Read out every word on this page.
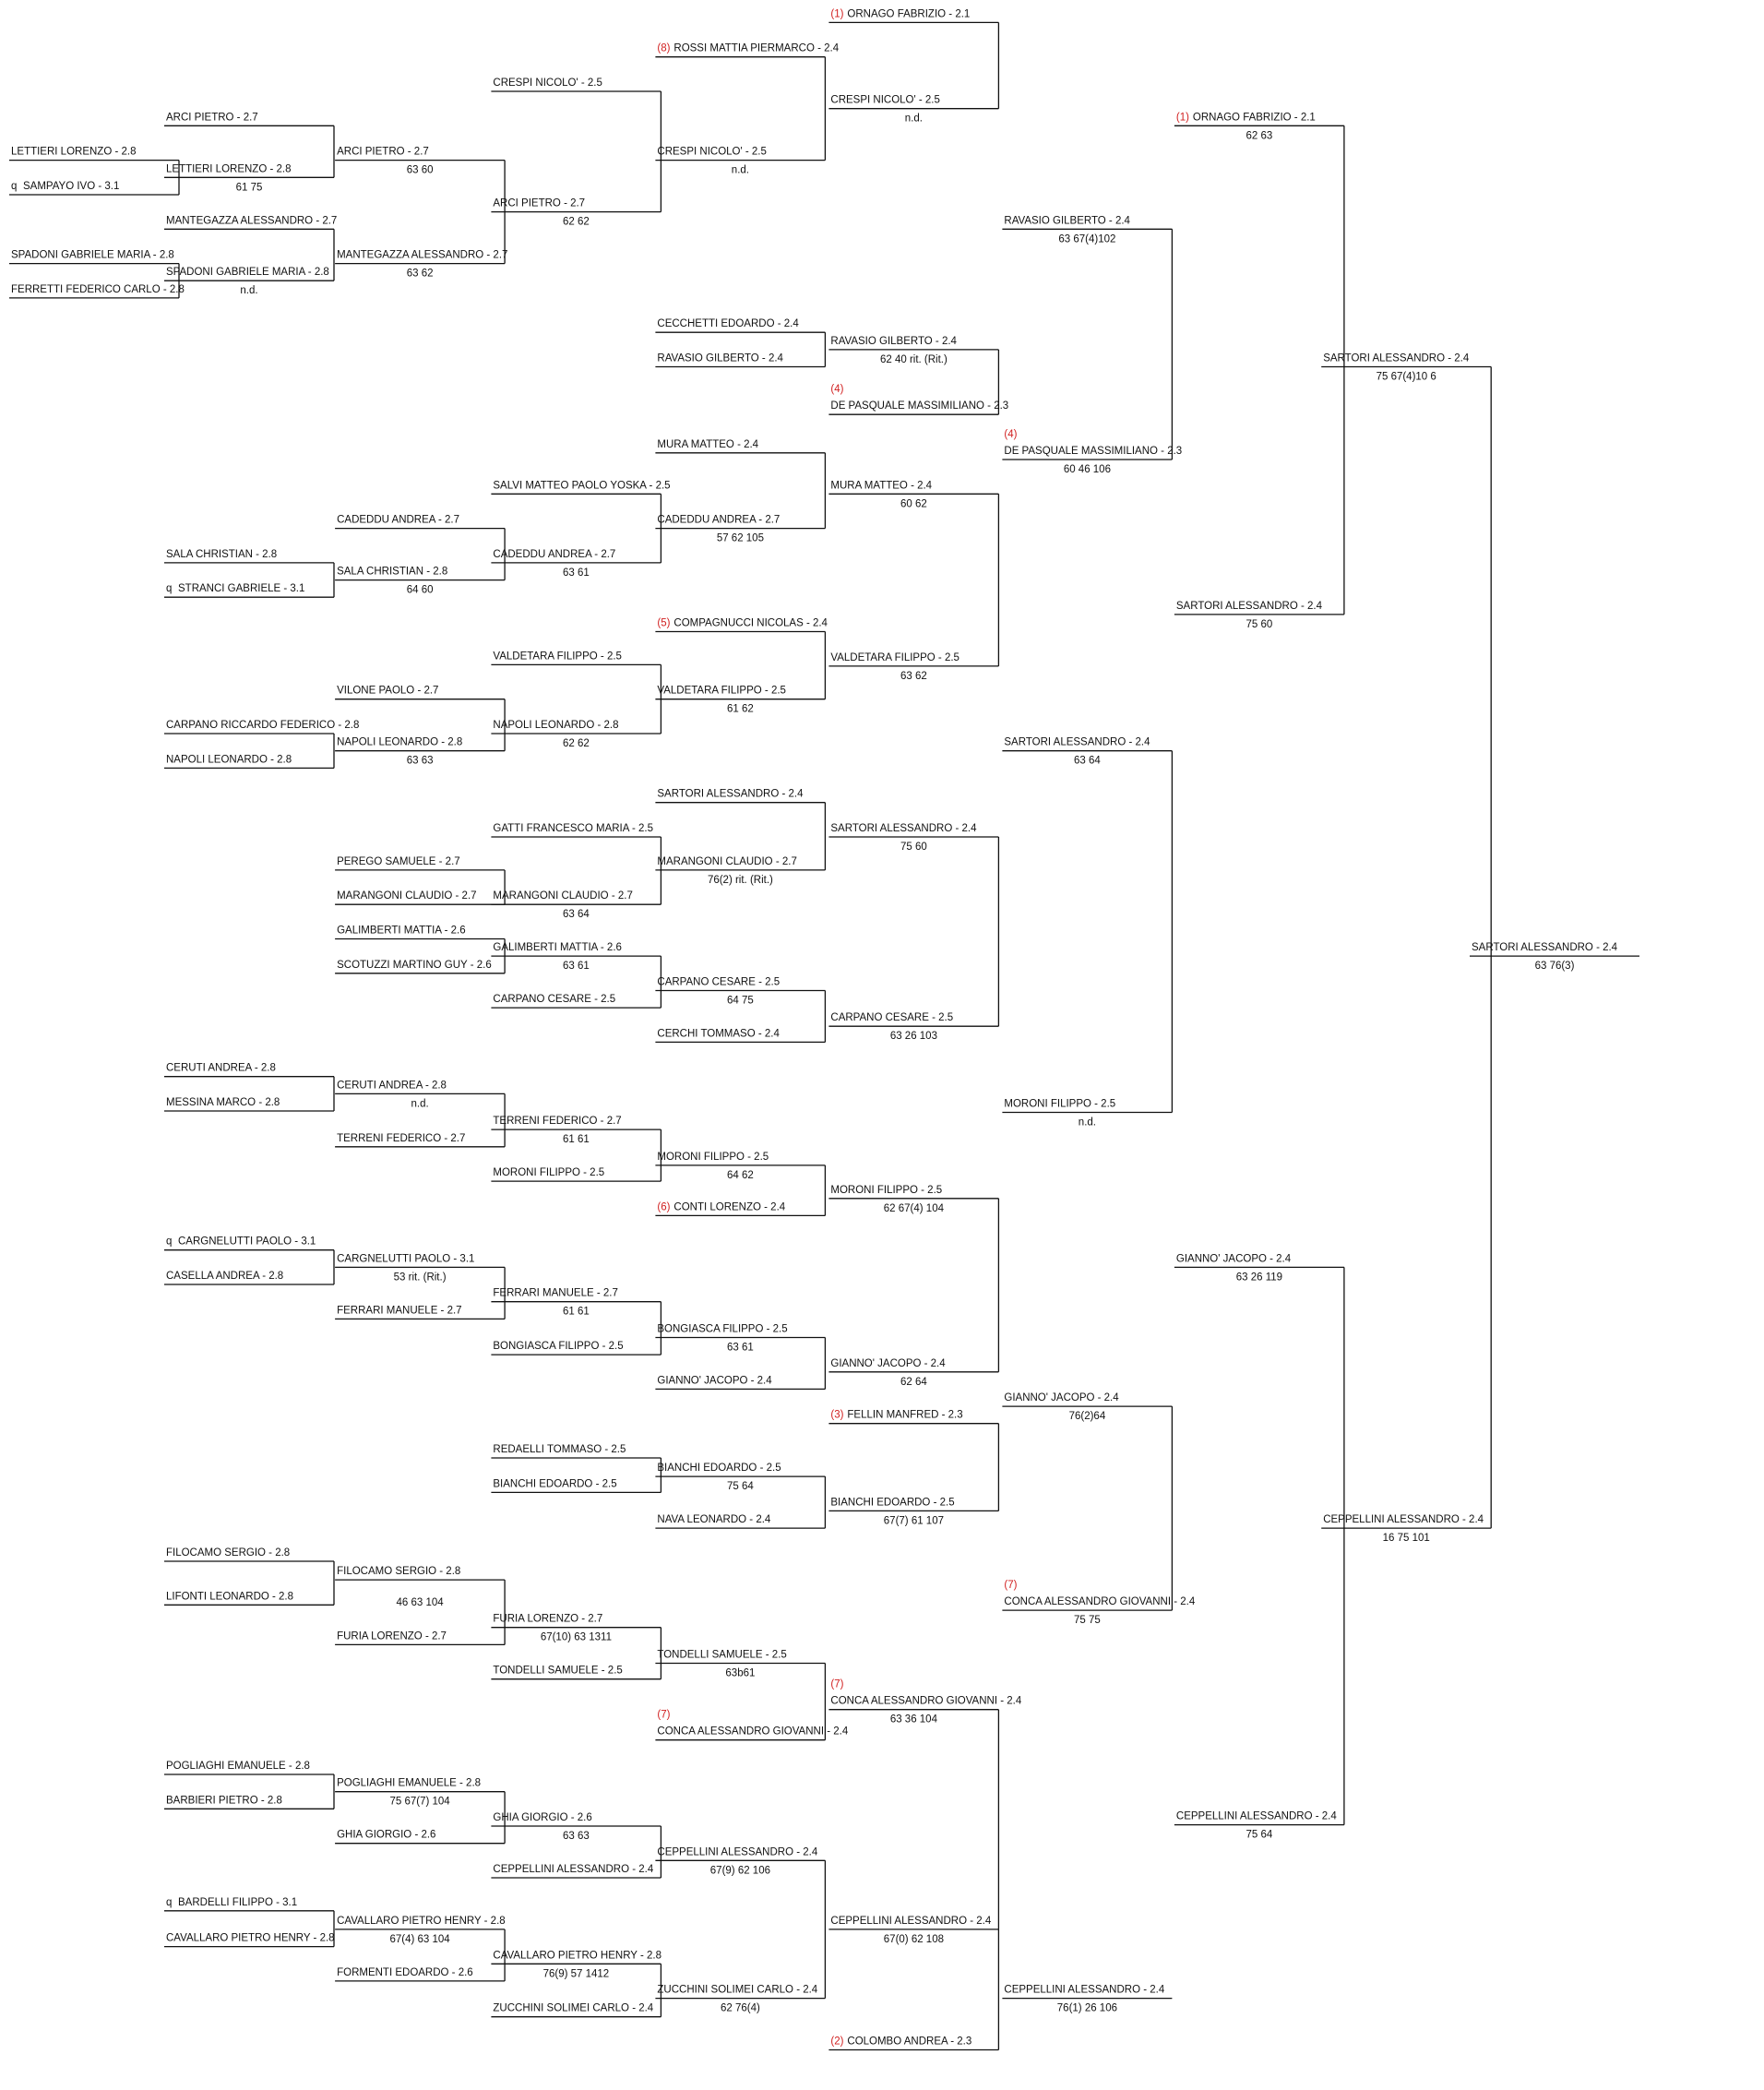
LETTIERI LORENZO - 2.8
q SAMPAYO IVO - 3.1
SPADONI GABRIELE MARIA - 2.8
FERRETTI FEDERICO CARLO - 2.8
ARCI PIETRO - 2.7
LETTIERI LORENZO - 2.8
61 75
MANTEGAZZA ALESSANDRO - 2.7
SPADONI GABRIELE MARIA - 2.8
n.d.
SALA CHRISTIAN - 2.8
q STRANCI GABRIELE - 3.1
CARPANO RICCARDO FEDERICO - 2.8
NAPOLI LEONARDO - 2.8
CERUTI ANDREA - 2.8
MESSINA MARCO - 2.8
q CARGNELUTTI PAOLO - 3.1
CASELLA ANDREA - 2.8
FILOCAMO SERGIO - 2.8
LIFONTI LEONARDO - 2.8
POGLIAGHI EMANUELE - 2.8
BARBIERI PIETRO - 2.8
q BARDELLI FILIPPO - 3.1
CAVALLARO PIETRO HENRY - 2.8
ARCI PIETRO - 2.7
63 60
MANTEGAZZA ALESSANDRO - 2.7
63 62
CADEDDU ANDREA - 2.7
SALA CHRISTIAN - 2.8
64 60
VILONE PAOLO - 2.7
NAPOLI LEONARDO - 2.8
63 63
PEREGO SAMUELE - 2.7
MARANGONI CLAUDIO - 2.7
GALIMBERTI MATTIA - 2.6
SCOTUZZI MARTINO GUY - 2.6
CERUTI ANDREA - 2.8
n.d.
TERRENI FEDERICO - 2.7
CARGNELUTTI PAOLO - 3.1
53 rit. (Rit.)
FERRARI MANUELE - 2.7
FILOCAMO SERGIO - 2.8
46 63 104
FURIA LORENZO - 2.7
POGLIAGHI EMANUELE - 2.8
75 67(7) 104
GHIA GIORGIO - 2.6
CAVALLARO PIETRO HENRY - 2.8
67(4) 63 104
FORMENTI EDOARDO - 2.6
CRESPI NICOLO' - 2.5
ARCI PIETRO - 2.7
62 62
SALVI MATTEO PAOLO YOSKA - 2.5
CADEDDU ANDREA - 2.7
63 61
VALDETARA FILIPPO - 2.5
NAPOLI LEONARDO - 2.8
62 62
GATTI FRANCESCO MARIA - 2.5
MARANGONI CLAUDIO - 2.7
63 64
GALIMBERTI MATTIA - 2.6
63 61
CARPANO CESARE - 2.5
TERRENI FEDERICO - 2.7
61 61
MORONI FILIPPO - 2.5
FERRARI MANUELE - 2.7
61 61
BONGIASCA FILIPPO - 2.5
REDAELLI TOMMASO - 2.5
BIANCHI EDOARDO - 2.5
FURIA LORENZO - 2.7
67(10) 63 1311
TONDELLI SAMUELE - 2.5
GHIA GIORGIO - 2.6
63 63
CEPPELLINI ALESSANDRO - 2.4
CAVALLARO PIETRO HENRY - 2.8
76(9) 57 1412
ZUCCHINI SOLIMEI CARLO - 2.4
(8) ROSSI MATTIA PIERMARCO - 2.4
CRESPI NICOLO' - 2.5
n.d.
CECCHETTI EDOARDO - 2.4
RAVASIO GILBERTO - 2.4
MURA MATTEO - 2.4
CADEDDU ANDREA - 2.7
57 62 105
(5) COMPAGNUCCI NICOLAS - 2.4
VALDETARA FILIPPO - 2.5
61 62
SARTORI ALESSANDRO - 2.4
MARANGONI CLAUDIO - 2.7
76(2) rit. (Rit.)
CARPANO CESARE - 2.5
64 75
CERCHI TOMMASO - 2.4
MORONI FILIPPO - 2.5
64 62
(6) CONTI LORENZO - 2.4
BONGIASCA FILIPPO - 2.5
63 61
GIANNO' JACOPO - 2.4
BIANCHI EDOARDO - 2.5
75 64
NAVA LEONARDO - 2.4
TONDELLI SAMUELE - 2.5
63b61
(7)
CONCA ALESSANDRO GIOVANNI - 2.4
CEPPELLINI ALESSANDRO - 2.4
67(9) 62 106
ZUCCHINI SOLIMEI CARLO - 2.4
62 76(4)
(1) ORNAGO FABRIZIO - 2.1
CRESPI NICOLO' - 2.5
n.d.
RAVASIO GILBERTO - 2.4
62 40 rit. (Rit.)
(4)
DE PASQUALE MASSIMILIANO - 2.3
MURA MATTEO - 2.4
60 62
VALDETARA FILIPPO - 2.5
63 62
SARTORI ALESSANDRO - 2.4
75 60
CARPANO CESARE - 2.5
63 26 103
MORONI FILIPPO - 2.5
62 67(4) 104
GIANNO' JACOPO - 2.4
62 64
(3) FELLIN MANFRED - 2.3
BIANCHI EDOARDO - 2.5
67(7) 61 107
(7)
CONCA ALESSANDRO GIOVANNI - 2.4
63 36 104
CEPPELLINI ALESSANDRO - 2.4
67(0) 62 108
(2) COLOMBO ANDREA - 2.3
RAVASIO GILBERTO - 2.4
63 67(4)102
(4)
DE PASQUALE MASSIMILIANO - 2.3
60 46 106
SARTORI ALESSANDRO - 2.4
63 64
MORONI FILIPPO - 2.5
n.d.
GIANNO' JACOPO - 2.4
76(2)64
(7)
CONCA ALESSANDRO GIOVANNI - 2.4
75 75
CEPPELLINI ALESSANDRO - 2.4
76(1) 26 106
(1) ORNAGO FABRIZIO - 2.1
62 63
SARTORI ALESSANDRO - 2.4
75 60
GIANNO' JACOPO - 2.4
63 26 119
CEPPELLINI ALESSANDRO - 2.4
75 64
SARTORI ALESSANDRO - 2.4
75 67(4)10 6
CEPPELLINI ALESSANDRO - 2.4
16 75 101
SARTORI ALESSANDRO - 2.4
63 76(3)
